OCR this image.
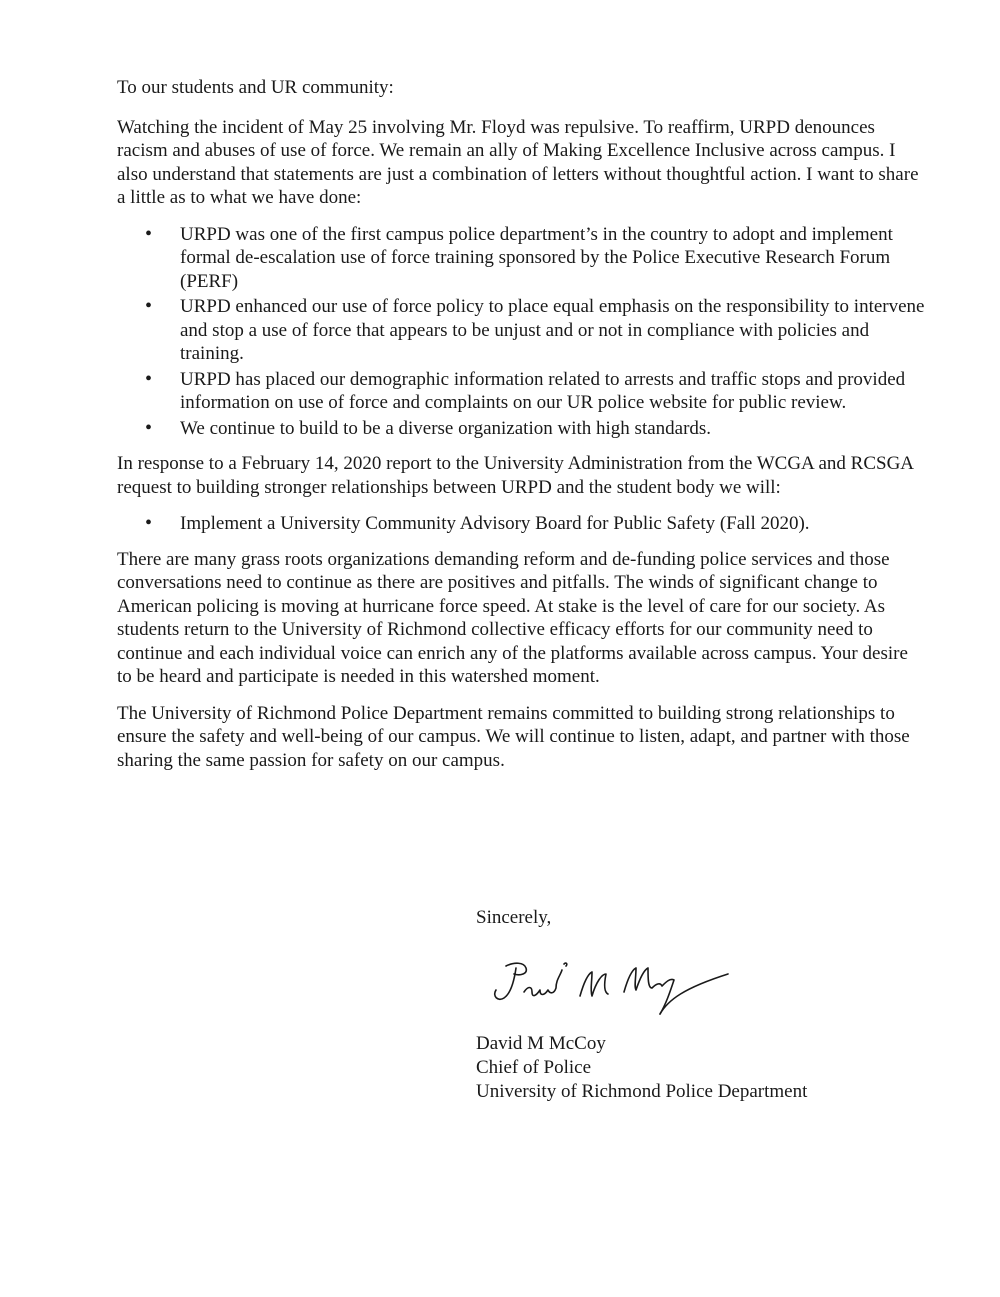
To our students and UR community:

Watching the incident of May 25 involving Mr. Floyd was repulsive. To reaffirm, URPD denounces racism and abuses of use of force. We remain an ally of Making Excellence Inclusive across campus. I also understand that statements are just a combination of letters without thoughtful action. I want to share a little as to what we have done:

• URPD was one of the first campus police department’s in the country to adopt and implement formal de-escalation use of force training sponsored by the Police Executive Research Forum (PERF)
• URPD enhanced our use of force policy to place equal emphasis on the responsibility to intervene and stop a use of force that appears to be unjust and or not in compliance with policies and training.
• URPD has placed our demographic information related to arrests and traffic stops and provided information on use of force and complaints on our UR police website for public review.
• We continue to build to be a diverse organization with high standards.

In response to a February 14, 2020 report to the University Administration from the WCGA and RCSGA request to building stronger relationships between URPD and the student body we will:

• Implement a University Community Advisory Board for Public Safety (Fall 2020).

There are many grass roots organizations demanding reform and de-funding police services and those conversations need to continue as there are positives and pitfalls. The winds of significant change to American policing is moving at hurricane force speed. At stake is the level of care for our society. As students return to the University of Richmond collective efficacy efforts for our community need to continue and each individual voice can enrich any of the platforms available across campus. Your desire to be heard and participate is needed in this watershed moment.

The University of Richmond Police Department remains committed to building strong relationships to ensure the safety and well-being of our campus. We will continue to listen, adapt, and partner with those sharing the same passion for safety on our campus.

Sincerely,

David M McCoy
Chief of Police
University of Richmond Police Department
